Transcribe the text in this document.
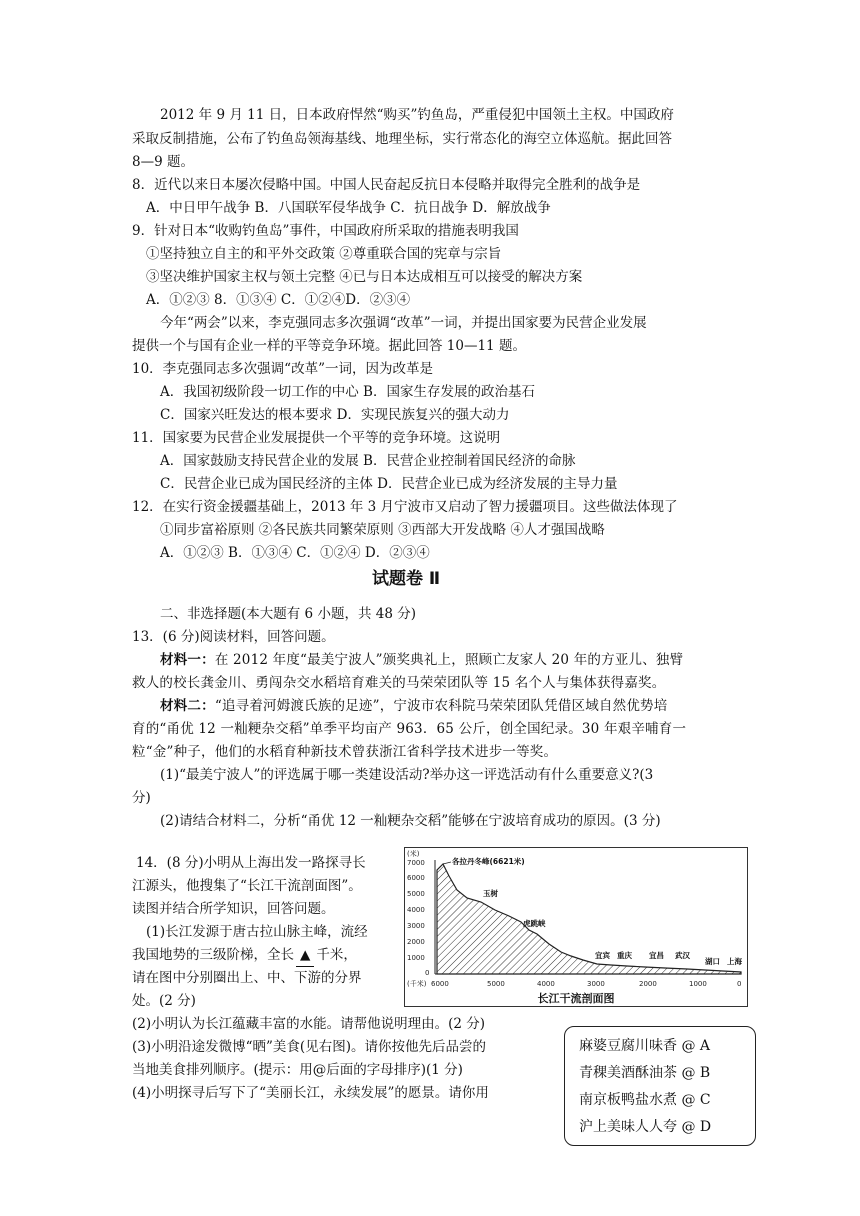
2012 年 9 月 11 日，日本政府悍然“购买”钓鱼岛，严重侵犯中国领土主权。中国政府
采取反制措施，公布了钓鱼岛领海基线、地理坐标，实行常态化的海空立体巡航。据此回答
8—9 题。
8．近代以来日本屡次侵略中国。中国人民奋起反抗日本侵略并取得完全胜利的战争是
A．中日甲午战争 B．八国联军侵华战争 C．抗日战争 D．解放战争
9．针对日本“收购钓鱼岛”事件，中国政府所采取的措施表明我国
①坚持独立自主的和平外交政策 ②尊重联合国的宪章与宗旨
③坚决维护国家主权与领土完整 ④已与日本达成相互可以接受的解决方案
A．①②③ 8．①③④ C．①②④D．②③④
今年“两会”以来，李克强同志多次强调“改革”一词，并提出国家要为民营企业发展
提供一个与国有企业一样的平等竞争环境。据此回答 10—11 题。
10．李克强同志多次强调“改革”一词，因为改革是
A．我国初级阶段一切工作的中心 B．国家生存发展的政治基石
C．国家兴旺发达的根本要求 D．实现民族复兴的强大动力
11．国家要为民营企业发展提供一个平等的竞争环境。这说明
A．国家鼓励支持民营企业的发展 B．民营企业控制着国民经济的命脉
C．民营企业已成为国民经济的主体 D．民营企业已成为经济发展的主导力量
12．在实行资金援疆基础上，2013 年 3 月宁波市又启动了智力援疆项目。这些做法体现了
①同步富裕原则 ②各民族共同繁荣原则 ③西部大开发战略 ④人才强国战略
A．①②③ B．①③④ C．①②④ D．②③④
试题卷 Ⅱ
二、非选择题(本大题有 6 小题，共 48 分)
13．(6 分)阅读材料，回答问题。
材料一：在 2012 年度“最美宁波人”颁奖典礼上，照顾亡友家人 20 年的方亚儿、独臂
救人的校长龚金川、勇闯杂交水稻培育难关的马荣荣团队等 15 名个人与集体获得嘉奖。
材料二：“追寻着河姆渡氏族的足迹”，宁波市农科院马荣荣团队凭借区域自然优势培
育的“甬优 12 一籼粳杂交稻”单季平均亩产 963．65 公斤，创全国纪录。30 年艰辛哺育一
粒“金”种子，他们的水稻育种新技术曾获浙江省科学技术进步一等奖。
(1)“最美宁波人”的评选属于哪一类建设活动?举办这一评选活动有什么重要意义?(3
分)
(2)请结合材料二，分析“甬优 12 一籼粳杂交稻”能够在宁波培育成功的原因。(3 分)
14．(8 分)小明从上海出发一路探寻长
江源头，他搜集了“长江干流剖面图”。
读图并结合所学知识，回答问题。
(1)长江发源于唐古拉山脉主峰，流经
我国地势的三级阶梯，全长 ▲ 千米，
请在图中分别圈出上、中、下游的分界
处。(2 分)
(2)小明认为长江蕴藏丰富的水能。请帮他说明理由。(2 分)
(3)小明沿途发微博“晒”美食(见右图)。请你按他先后品尝的
当地美食排列顺序。(提示：用@后面的字母排序)(1 分)
(4)小明探寻后写下了“美丽长江，永续发展”的愿景。请你用
(米)
7000
6000
5000
4000
3000
2000
1000
0
(千米) 6000	5000	4000	3000	2000	1000	0
各拉丹冬峰(6621米)
玉树
虎跳峡
宜宾 重庆 宜昌 武汉
湖口 上海
长江干流剖面图
麻婆豆腐川味香 @ A
青稞美酒酥油茶 @ B
南京板鸭盐水煮 @ C
沪上美味人人夸 @ D
